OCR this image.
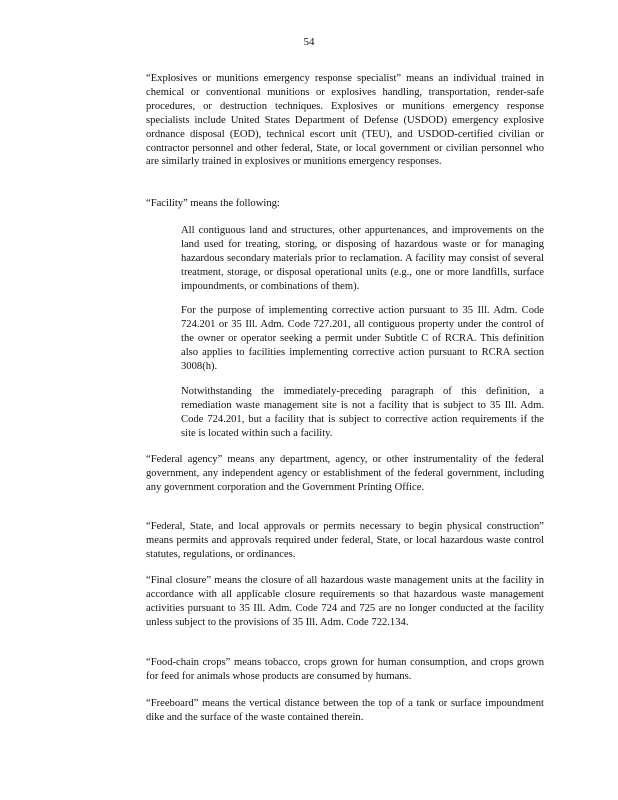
54

“Explosives or munitions emergency response specialist” means an individual trained in chemical or conventional munitions or explosives handling, transportation, render-safe procedures, or destruction techniques. Explosives or munitions emergency response specialists include United States Department of Defense (USDOD) emergency explosive ordnance disposal (EOD), technical escort unit (TEU), and USDOD-certified civilian or contractor personnel and other federal, State, or local government or civilian personnel who are similarly trained in explosives or munitions emergency responses.

“Facility” means the following:

All contiguous land and structures, other appurtenances, and improvements on the land used for treating, storing, or disposing of hazardous waste or for managing hazardous secondary materials prior to reclamation. A facility may consist of several treatment, storage, or disposal operational units (e.g., one or more landfills, surface impoundments, or combinations of them).

For the purpose of implementing corrective action pursuant to 35 Ill. Adm. Code 724.201 or 35 Ill. Adm. Code 727.201, all contiguous property under the control of the owner or operator seeking a permit under Subtitle C of RCRA. This definition also applies to facilities implementing corrective action pursuant to RCRA section 3008(h).

Notwithstanding the immediately-preceding paragraph of this definition, a remediation waste management site is not a facility that is subject to 35 Ill. Adm. Code 724.201, but a facility that is subject to corrective action requirements if the site is located within such a facility.

“Federal agency” means any department, agency, or other instrumentality of the federal government, any independent agency or establishment of the federal government, including any government corporation and the Government Printing Office.

“Federal, State, and local approvals or permits necessary to begin physical construction” means permits and approvals required under federal, State, or local hazardous waste control statutes, regulations, or ordinances.

“Final closure” means the closure of all hazardous waste management units at the facility in accordance with all applicable closure requirements so that hazardous waste management activities pursuant to 35 Ill. Adm. Code 724 and 725 are no longer conducted at the facility unless subject to the provisions of 35 Ill. Adm. Code 722.134.

“Food-chain crops” means tobacco, crops grown for human consumption, and crops grown for feed for animals whose products are consumed by humans.

“Freeboard” means the vertical distance between the top of a tank or surface impoundment dike and the surface of the waste contained therein.
